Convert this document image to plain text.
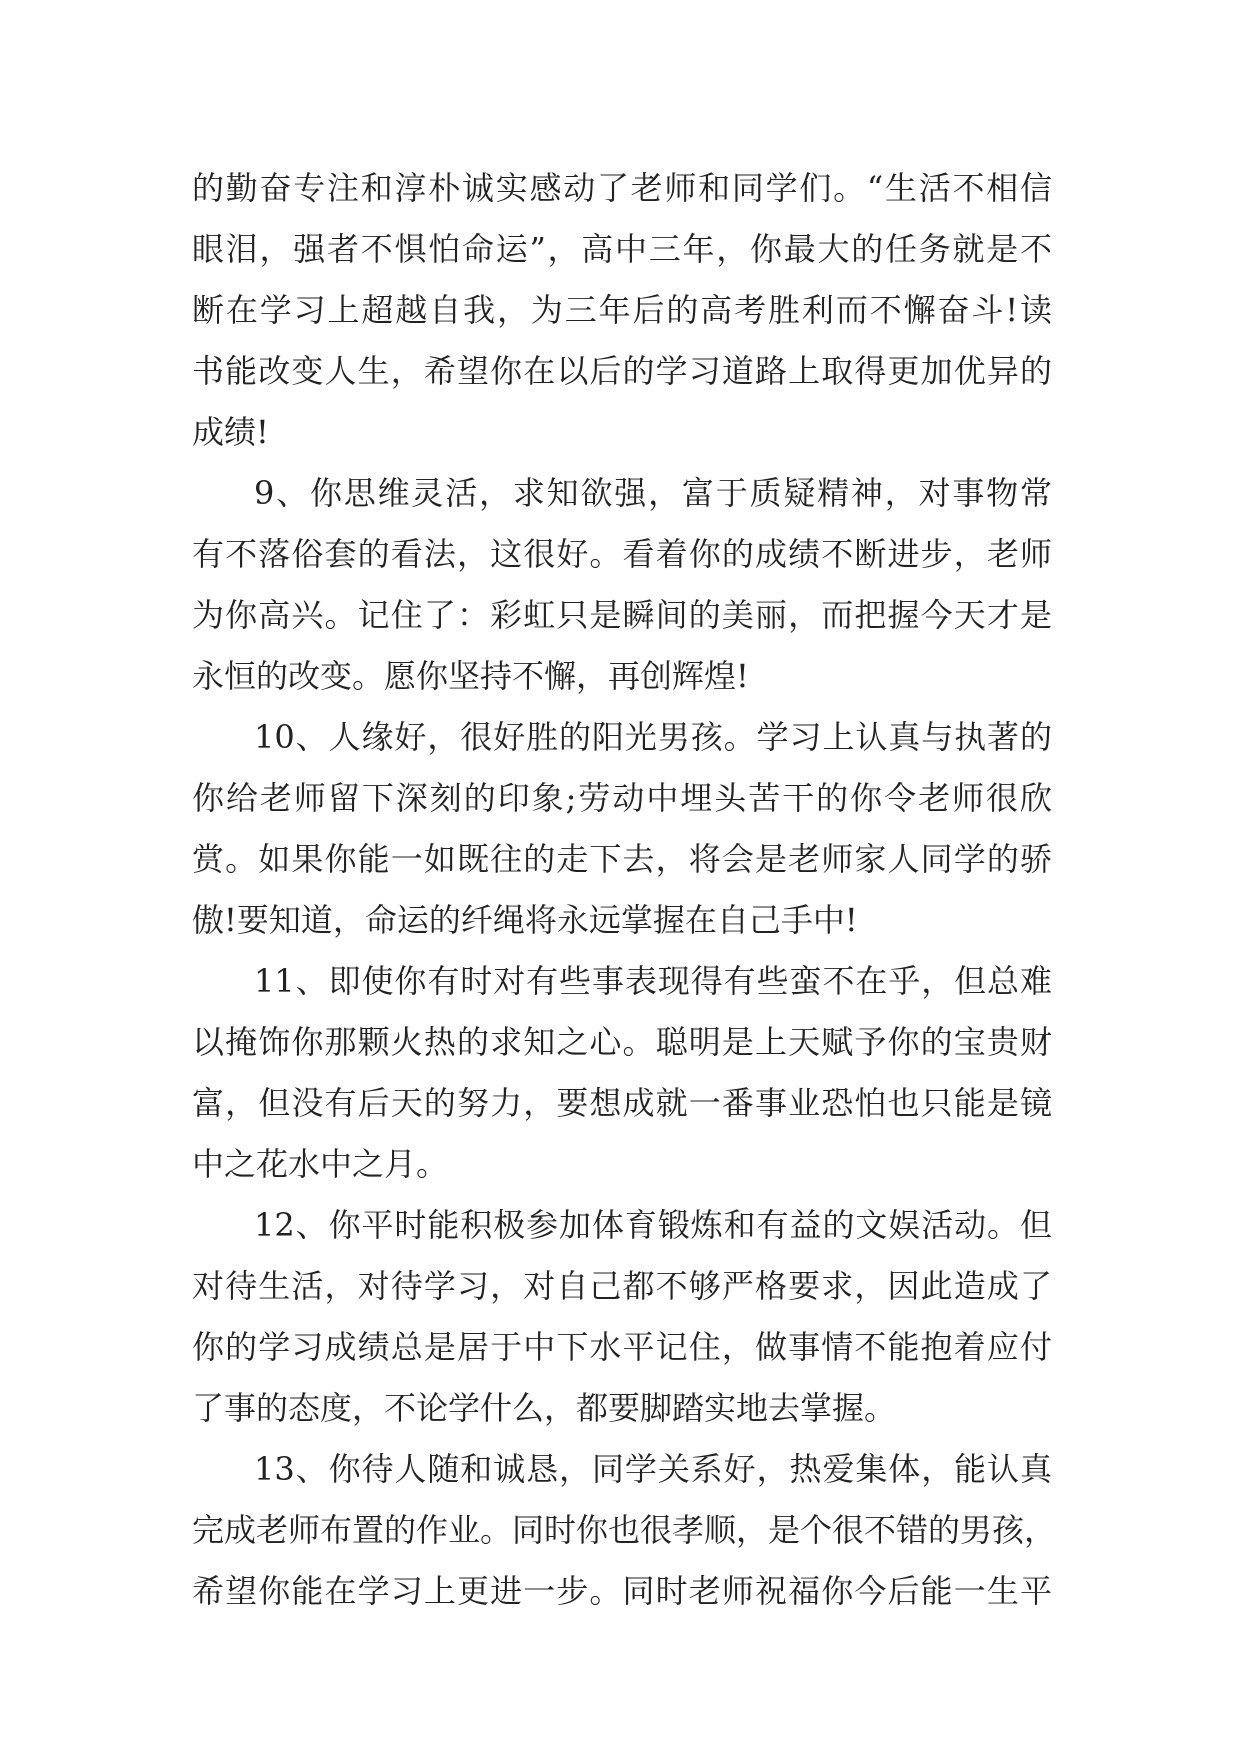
的勤奋专注和淳朴诚实感动了老师和同学们。“生活不相信
眼泪，强者不惧怕命运”，高中三年，你最大的任务就是不
断在学习上超越自我，为三年后的高考胜利而不懈奋斗!读
书能改变人生，希望你在以后的学习道路上取得更加优异的
成绩!
9、你思维灵活，求知欲强，富于质疑精神，对事物常
有不落俗套的看法，这很好。看着你的成绩不断进步，老师
为你高兴。记住了：彩虹只是瞬间的美丽，而把握今天才是
永恒的改变。愿你坚持不懈，再创辉煌!
10、人缘好，很好胜的阳光男孩。学习上认真与执著的
你给老师留下深刻的印象;劳动中埋头苦干的你令老师很欣
赏。如果你能一如既往的走下去，将会是老师家人同学的骄
傲!要知道，命运的纤绳将永远掌握在自己手中!
11、即使你有时对有些事表现得有些蛮不在乎，但总难
以掩饰你那颗火热的求知之心。聪明是上天赋予你的宝贵财
富，但没有后天的努力，要想成就一番事业恐怕也只能是镜
中之花水中之月。
12、你平时能积极参加体育锻炼和有益的文娱活动。但
对待生活，对待学习，对自己都不够严格要求，因此造成了
你的学习成绩总是居于中下水平记住，做事情不能抱着应付
了事的态度，不论学什么，都要脚踏实地去掌握。
13、你待人随和诚恳，同学关系好，热爱集体，能认真
完成老师布置的作业。同时你也很孝顺，是个很不错的男孩，
希望你能在学习上更进一步。同时老师祝福你今后能一生平
